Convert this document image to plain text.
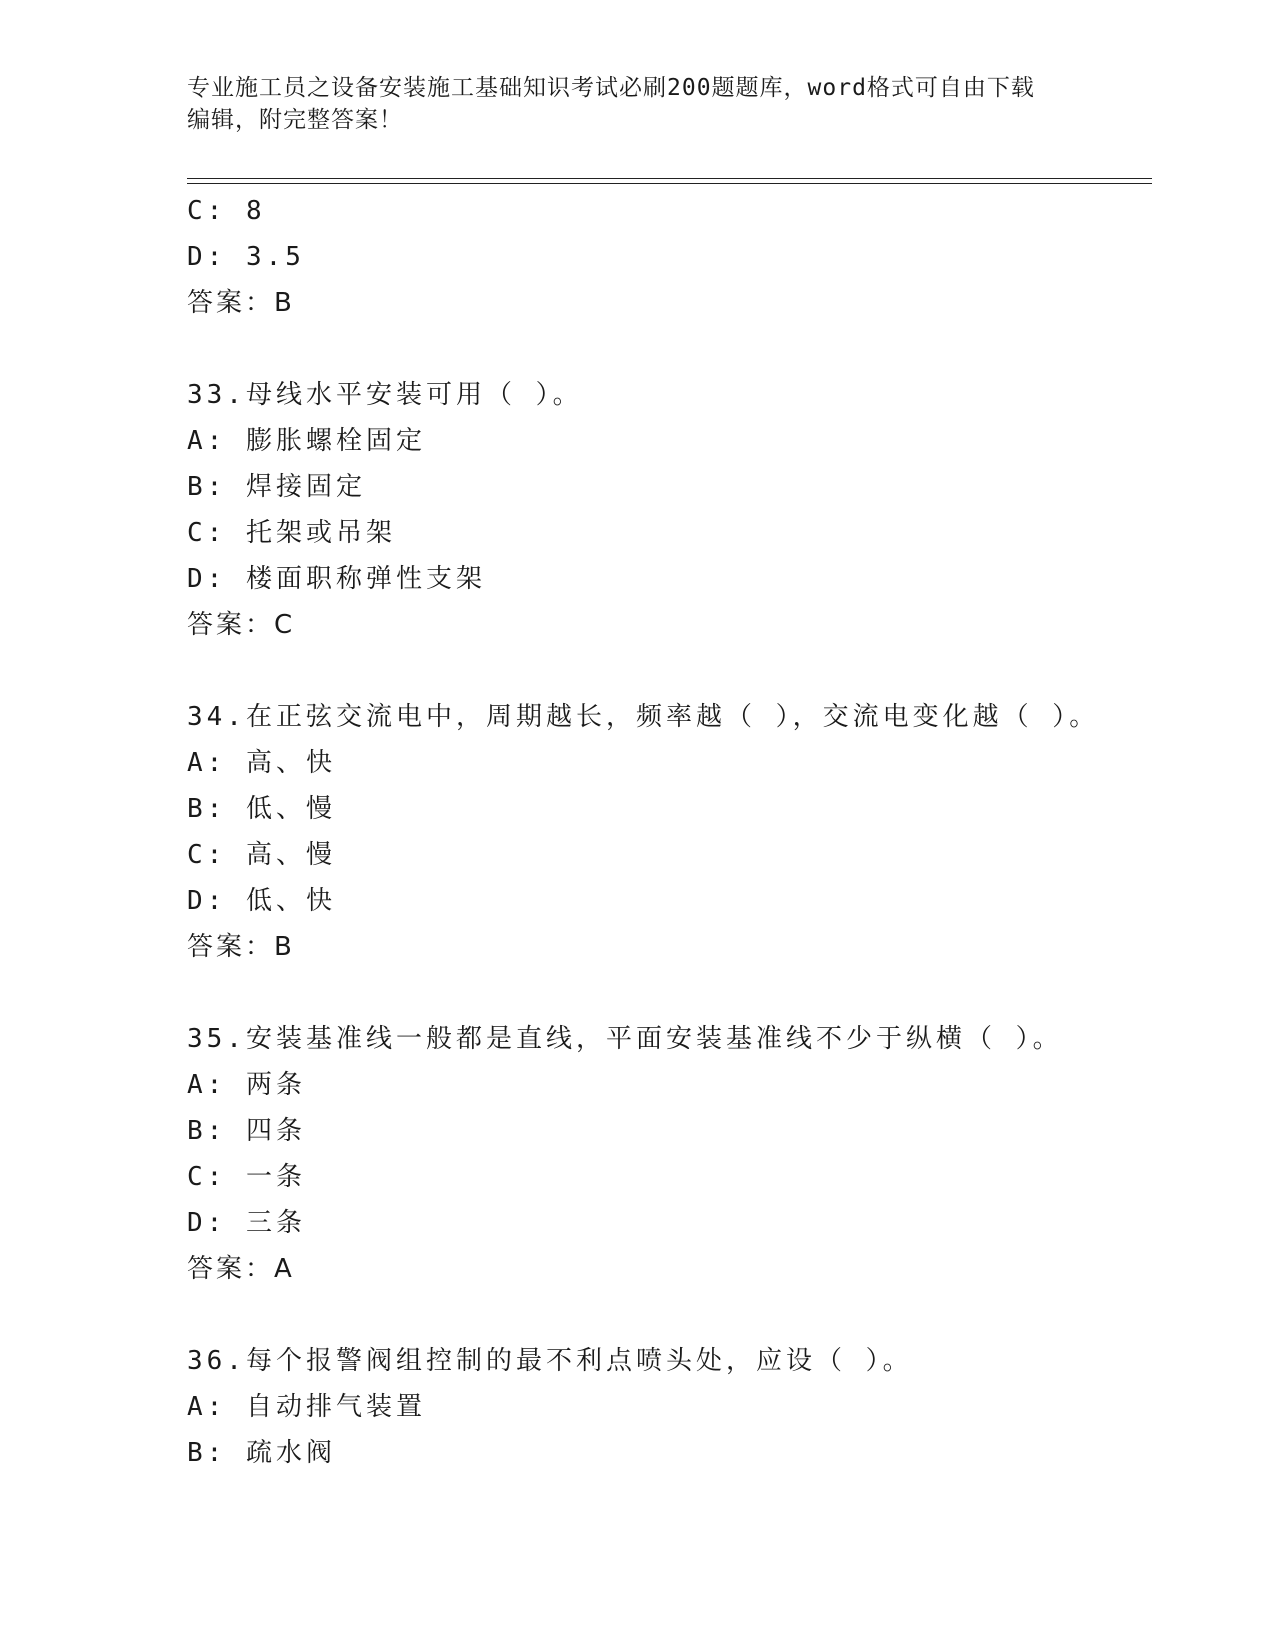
专业施工员之设备安装施工基础知识考试必刷200题题库，word格式可自由下载
编辑，附完整答案！
C: 8
D: 3.5
答案：B
33.母线水平安装可用（ ）。
A: 膨胀螺栓固定
B: 焊接固定
C: 托架或吊架
D: 楼面职称弹性支架
答案：C
34.在正弦交流电中，周期越长，频率越（ ），交流电变化越（ ）。
A: 高、快
B: 低、慢
C: 高、慢
D: 低、快
答案：B
35.安装基准线一般都是直线，平面安装基准线不少于纵横（ ）。
A: 两条
B: 四条
C: 一条
D: 三条
答案：A
36.每个报警阀组控制的最不利点喷头处，应设（ ）。
A: 自动排气装置
B: 疏水阀
